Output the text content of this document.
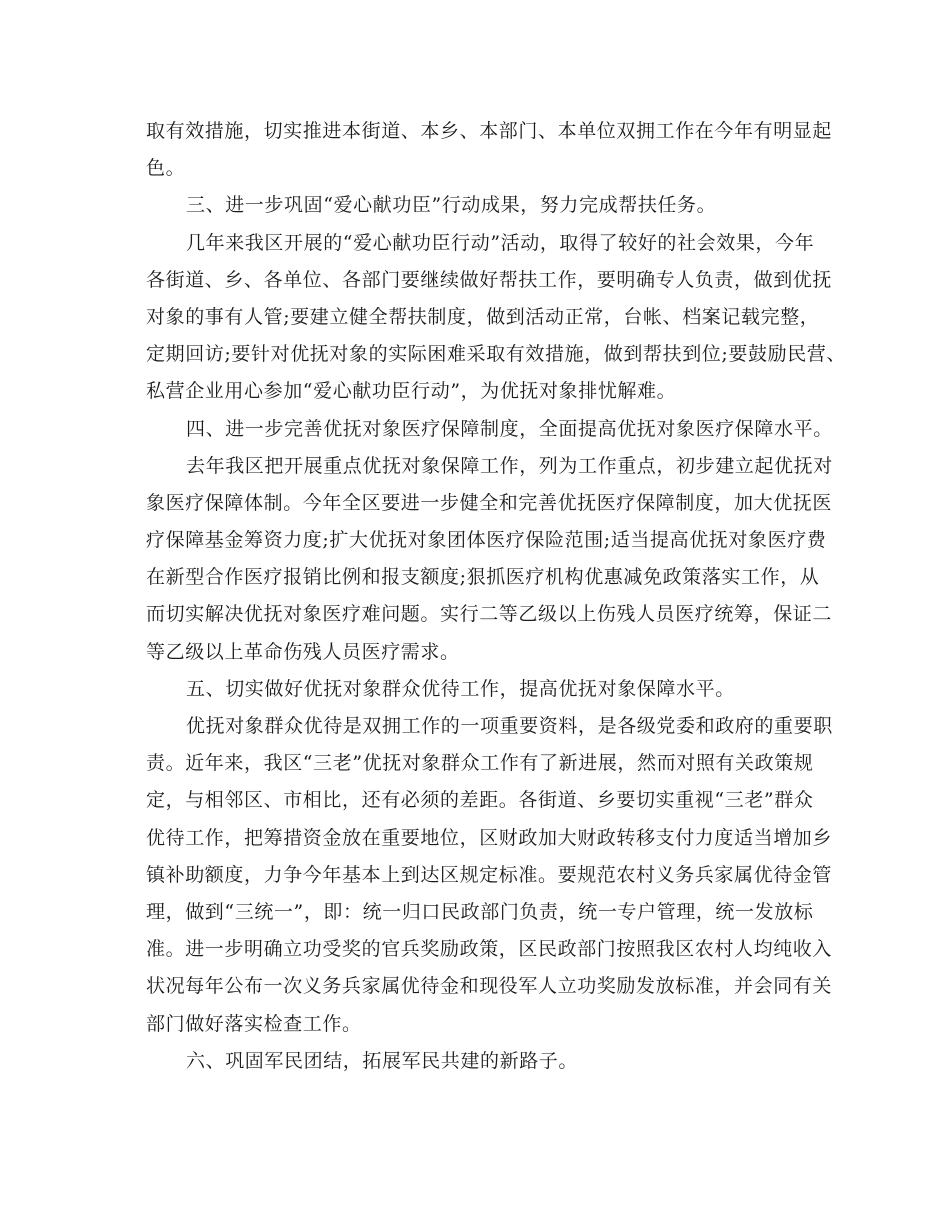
取有效措施，切实推进本街道、本乡、本部门、本单位双拥工作在今年有明显起
色。
三、进一步巩固“爱心献功臣”行动成果，努力完成帮扶任务。
几年来我区开展的“爱心献功臣行动”活动，取得了较好的社会效果，今年
各街道、乡、各单位、各部门要继续做好帮扶工作，要明确专人负责，做到优抚
对象的事有人管;要建立健全帮扶制度，做到活动正常，台帐、档案记载完整，
定期回访;要针对优抚对象的实际困难采取有效措施，做到帮扶到位;要鼓励民营、
私营企业用心参加“爱心献功臣行动”，为优抚对象排忧解难。
四、进一步完善优抚对象医疗保障制度，全面提高优抚对象医疗保障水平。
去年我区把开展重点优抚对象保障工作，列为工作重点，初步建立起优抚对
象医疗保障体制。今年全区要进一步健全和完善优抚医疗保障制度，加大优抚医
疗保障基金筹资力度;扩大优抚对象团体医疗保险范围;适当提高优抚对象医疗费
在新型合作医疗报销比例和报支额度;狠抓医疗机构优惠减免政策落实工作，从
而切实解决优抚对象医疗难问题。实行二等乙级以上伤残人员医疗统筹，保证二
等乙级以上革命伤残人员医疗需求。
五、切实做好优抚对象群众优待工作，提高优抚对象保障水平。
优抚对象群众优待是双拥工作的一项重要资料，是各级党委和政府的重要职
责。近年来，我区“三老”优抚对象群众工作有了新进展，然而对照有关政策规
定，与相邻区、市相比，还有必须的差距。各街道、乡要切实重视“三老”群众
优待工作，把筹措资金放在重要地位，区财政加大财政转移支付力度适当增加乡
镇补助额度，力争今年基本上到达区规定标准。要规范农村义务兵家属优待金管
理，做到“三统一”，即：统一归口民政部门负责，统一专户管理，统一发放标
准。进一步明确立功受奖的官兵奖励政策，区民政部门按照我区农村人均纯收入
状况每年公布一次义务兵家属优待金和现役军人立功奖励发放标准，并会同有关
部门做好落实检查工作。
六、巩固军民团结，拓展军民共建的新路子。
